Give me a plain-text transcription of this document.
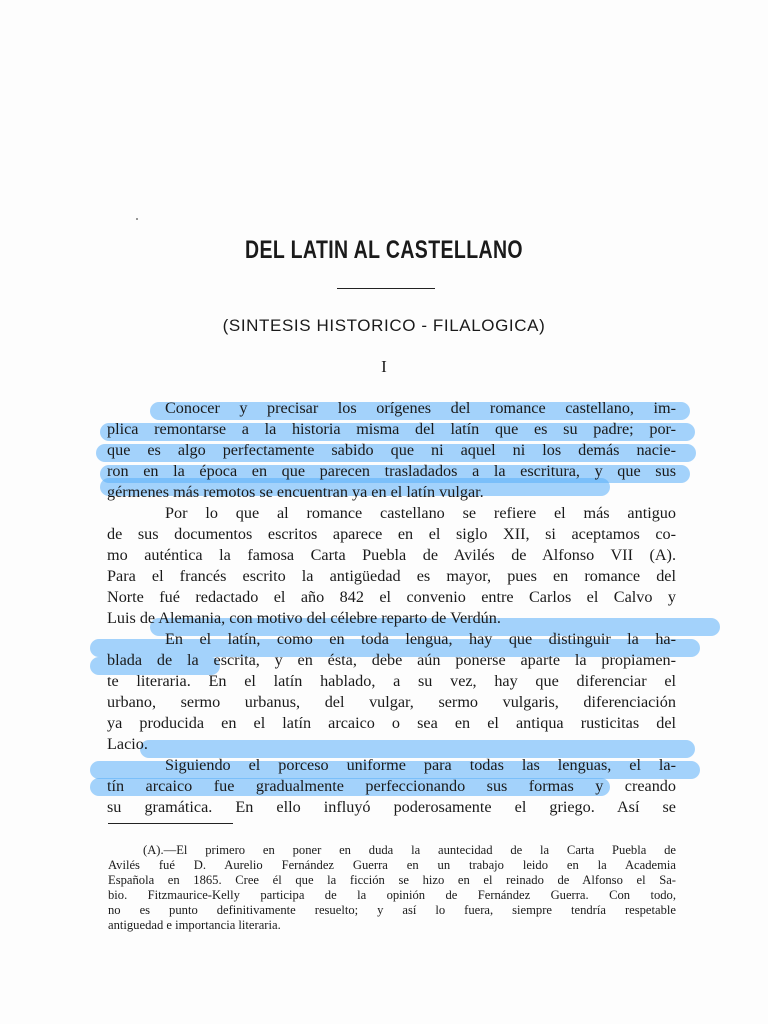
DEL LATIN AL CASTELLANO
(SINTESIS HISTORICO - FILALOGICA)
I
Conocer y precisar los orígenes del romance castellano, im-
plica remontarse a la historia misma del latín que es su padre; por-
que es algo perfectamente sabido que ni aquel ni los demás nacie-
ron en la época en que parecen trasladados a la escritura, y que sus
gérmenes más remotos se encuentran ya en el latín vulgar.
Por lo que al romance castellano se refiere el más antiguo
de sus documentos escritos aparece en el siglo XII, si aceptamos co-
mo auténtica la famosa Carta Puebla de Avilés de Alfonso VII (A).
Para el francés escrito la antigüedad es mayor, pues en romance del
Norte fué redactado el año 842 el convenio entre Carlos el Calvo y
Luis de Alemania, con motivo del célebre reparto de Verdún.
En el latín, como en toda lengua, hay que distinguir la ha-
blada de la escrita, y en ésta, debe aún ponerse aparte la propiamen-
te literaria. En el latín hablado, a su vez, hay que diferenciar el
urbano, sermo urbanus, del vulgar, sermo vulgaris, diferenciación
ya producida en el latín arcaico o sea en el antiqua rusticitas del
Lacio.
Siguiendo el porceso uniforme para todas las lenguas, el la-
tín arcaico fue gradualmente perfeccionando sus formas y creando
su gramática. En ello influyó poderosamente el griego. Así se
(A).—El primero en poner en duda la auntecidad de la Carta Puebla de
Avilés fué D. Aurelio Fernández Guerra en un trabajo leido en la Academia
Española en 1865. Cree él que la ficción se hizo en el reinado de Alfonso el Sa-
bio. Fitzmaurice-Kelly participa de la opinión de Fernández Guerra. Con todo,
no es punto definitivamente resuelto; y así lo fuera, siempre tendría respetable
antiguedad e importancia literaria.
